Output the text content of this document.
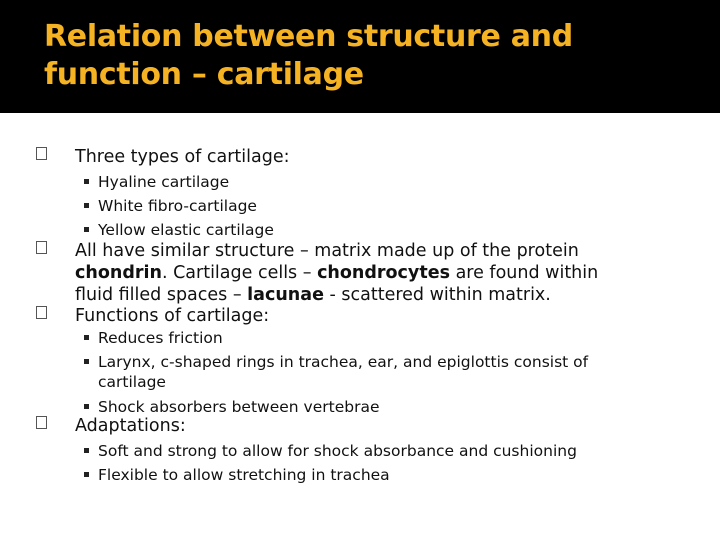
Relation between structure and
function – cartilage
Three types of cartilage:
Hyaline cartilage
White fibro-cartilage
Yellow elastic cartilage
All have similar structure – matrix made up of the protein chondrin. Cartilage cells – chondrocytes are found within fluid filled spaces – lacunae - scattered within matrix.
Functions of cartilage:
Reduces friction
Larynx, c-shaped rings in trachea, ear, and epiglottis consist of cartilage
Shock absorbers between vertebrae
Adaptations:
Soft and strong to allow for shock absorbance and cushioning
Flexible to allow stretching in trachea
